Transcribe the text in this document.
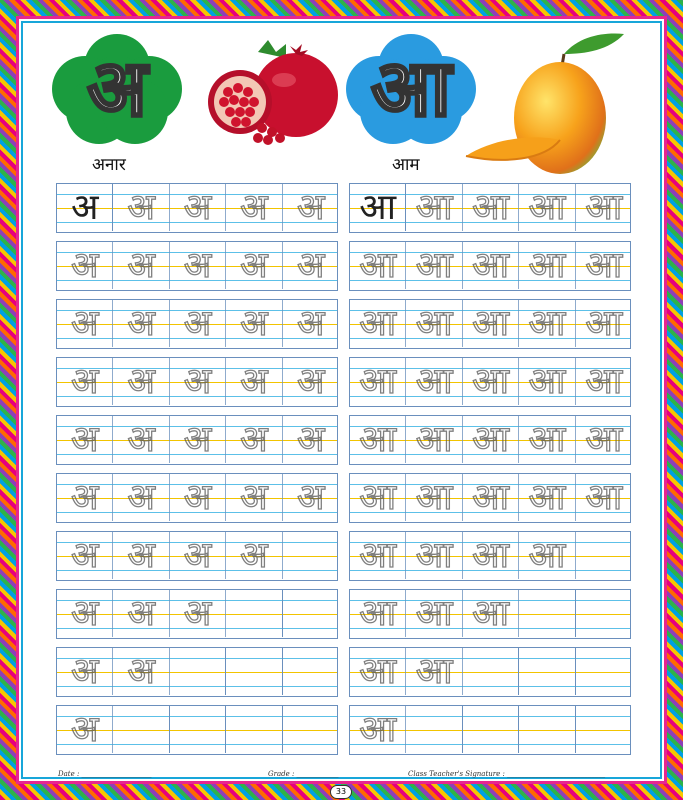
अ	आ
अनार	आम
अ अ अ अ अ आ आ आ आ आ
अ अ अ अ अ आ आ आ आ आ
अ अ अ अ अ आ आ आ आ आ
अ अ अ अ अ आ आ आ आ आ
अ अ अ अ अ आ आ आ आ आ
अ अ अ अ अ आ आ आ आ आ
अ अ अ अ	आ आ आ आ
अ अ अ	आ आ आ
अ अ	आ आ
अ	आ
Date : ____________________	Grade : ____________	Class Teacher's Signature : ____________________________
33
